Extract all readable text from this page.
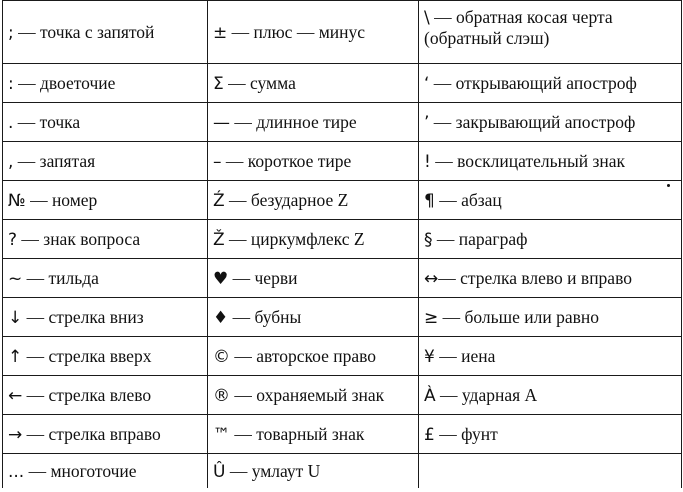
; — точка с запятой	± — плюс — минус	\ — обратная косая черта (обратный слэш)
: — двоеточие	Σ — сумма	‘ — открывающий апостроф
. — точка	— — длинное тире	’ — закрывающий апостроф
, — запятая	– — короткое тире	! — восклицательный знак
№ — номер	Ź — безударное Z	¶ — абзац
? — знак вопроса	Ž — циркумфлекс Z	§ — параграф
~ — тильда	♥ — черви	↔— стрелка влево и вправо
↓ — стрелка вниз	♦ — бубны	≥ — больше или равно
↑ — стрелка вверх	© — авторское право	¥ — иена
← — стрелка влево	® — охраняемый знак	À — ударная А
→ — стрелка вправо	™ — товарный знак	£ — фунт
... — многоточие	Û — умлаут U	
